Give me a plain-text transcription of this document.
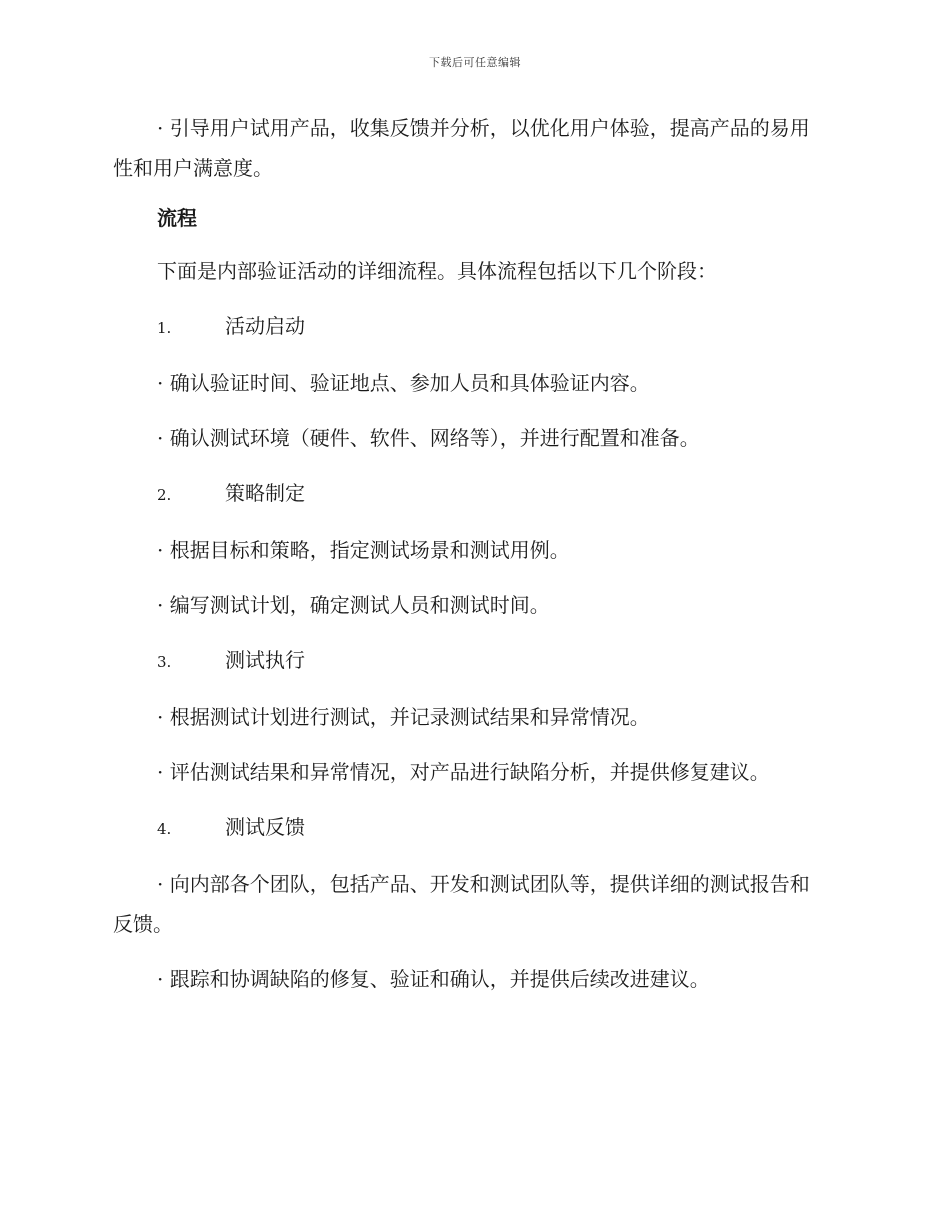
下载后可任意编辑

· 引导用户试用产品，收集反馈并分析，以优化用户体验，提高产品的易用性和用户满意度。

流程

下面是内部验证活动的详细流程。具体流程包括以下几个阶段：

1.	活动启动

· 确认验证时间、验证地点、参加人员和具体验证内容。

· 确认测试环境（硬件、软件、网络等），并进行配置和准备。

2.	策略制定

· 根据目标和策略，指定测试场景和测试用例。

· 编写测试计划，确定测试人员和测试时间。

3.	测试执行

· 根据测试计划进行测试，并记录测试结果和异常情况。

· 评估测试结果和异常情况，对产品进行缺陷分析，并提供修复建议。

4.	测试反馈

· 向内部各个团队，包括产品、开发和测试团队等，提供详细的测试报告和反馈。

· 跟踪和协调缺陷的修复、验证和确认，并提供后续改进建议。
